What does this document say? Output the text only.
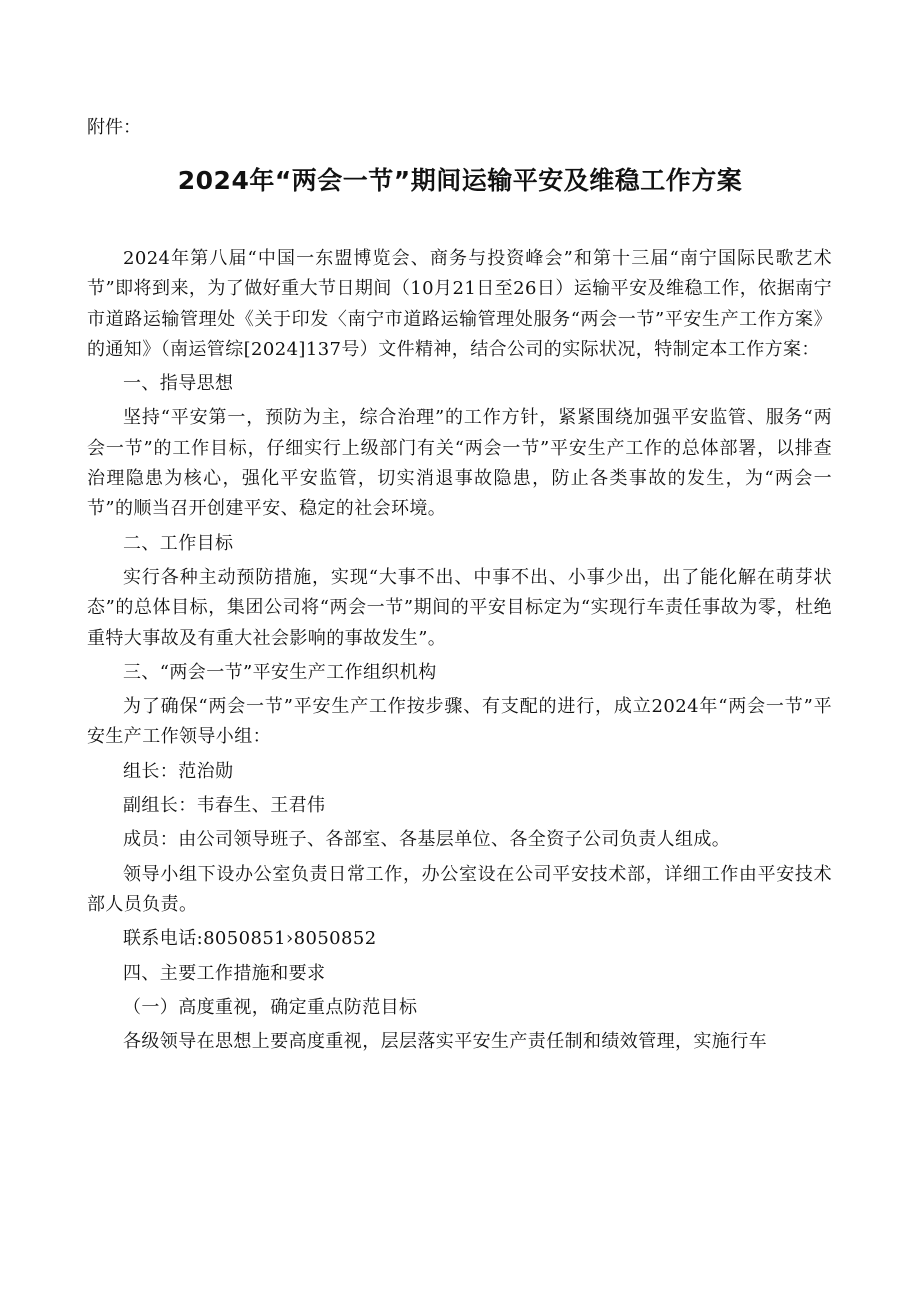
附件：
2024年“两会一节”期间运输平安及维稳工作方案

2024年第八届“中国一东盟博览会、商务与投资峰会”和第十三届“南宁国际民歌艺术节”即将到来，为了做好重大节日期间（10月21日至26日）运输平安及维稳工作，依据南宁市道路运输管理处《关于印发〈南宁市道路运输管理处服务“两会一节”平安生产工作方案》的通知》（南运管综[2024]137号）文件精神，结合公司的实际状况，特制定本工作方案：

一、指导思想

坚持“平安第一，预防为主，综合治理”的工作方针，紧紧围绕加强平安监管、服务“两会一节”的工作目标，仔细实行上级部门有关“两会一节”平安生产工作的总体部署，以排查治理隐患为核心，强化平安监管，切实消退事故隐患，防止各类事故的发生，为“两会一节”的顺当召开创建平安、稳定的社会环境。

二、工作目标

实行各种主动预防措施，实现“大事不出、中事不出、小事少出，出了能化解在萌芽状态”的总体目标，集团公司将“两会一节”期间的平安目标定为“实现行车责任事故为零，杜绝重特大事故及有重大社会影响的事故发生”。

三、“两会一节”平安生产工作组织机构

为了确保“两会一节”平安生产工作按步骤、有支配的进行，成立2024年“两会一节”平安生产工作领导小组：

组长：范治勋

副组长：韦春生、王君伟

成员：由公司领导班子、各部室、各基层单位、各全资子公司负责人组成。

领导小组下设办公室负责日常工作，办公室设在公司平安技术部，详细工作由平安技术部人员负责。

联系电话:8050851›8050852

四、主要工作措施和要求

（一）高度重视，确定重点防范目标

各级领导在思想上要高度重视，层层落实平安生产责任制和绩效管理，实施行车
